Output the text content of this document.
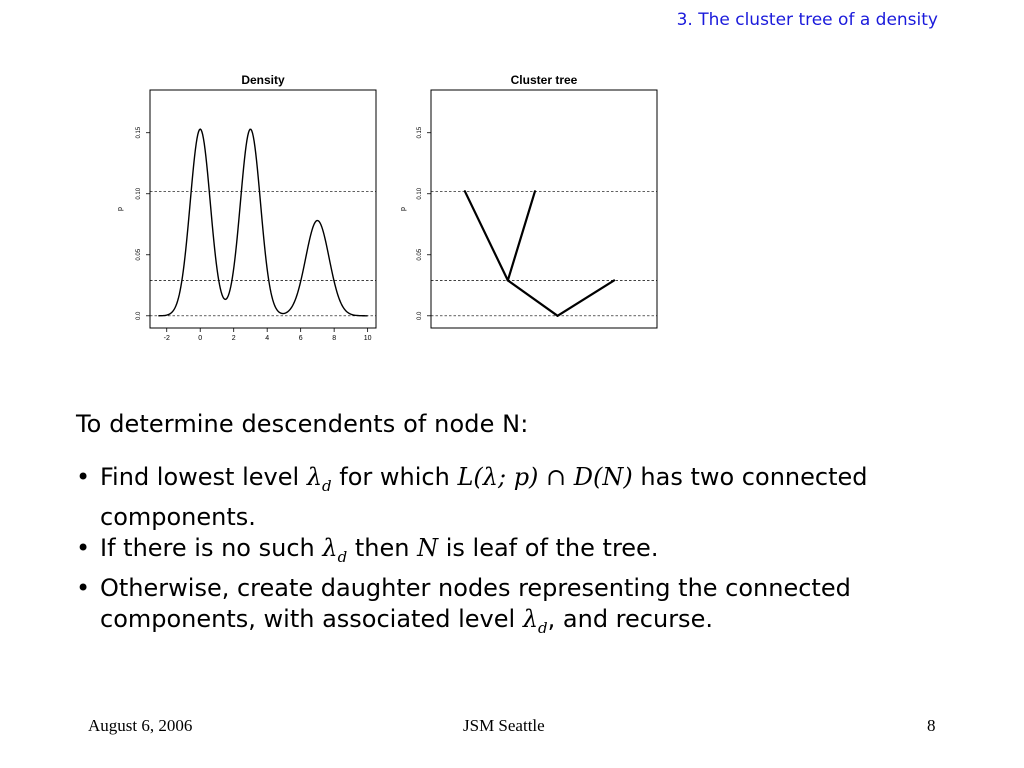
3. The cluster tree of a density
Density
-2	0	2	4	6	8	10
0.0
0.05
0.10
0.15
p
Cluster tree
0.0
0.05
0.10
0.15
p
To determine descendents of node N:
• Find lowest level $\lambda_d$ for which L(λ; p) ∩ D(N) has two connected components.
• If there is no such $\lambda_d$ then N is leaf of the tree.
• Otherwise, create daughter nodes representing the connected components, with associated level $\lambda_d$, and recurse.
August 6, 2006	JSM Seattle	8
